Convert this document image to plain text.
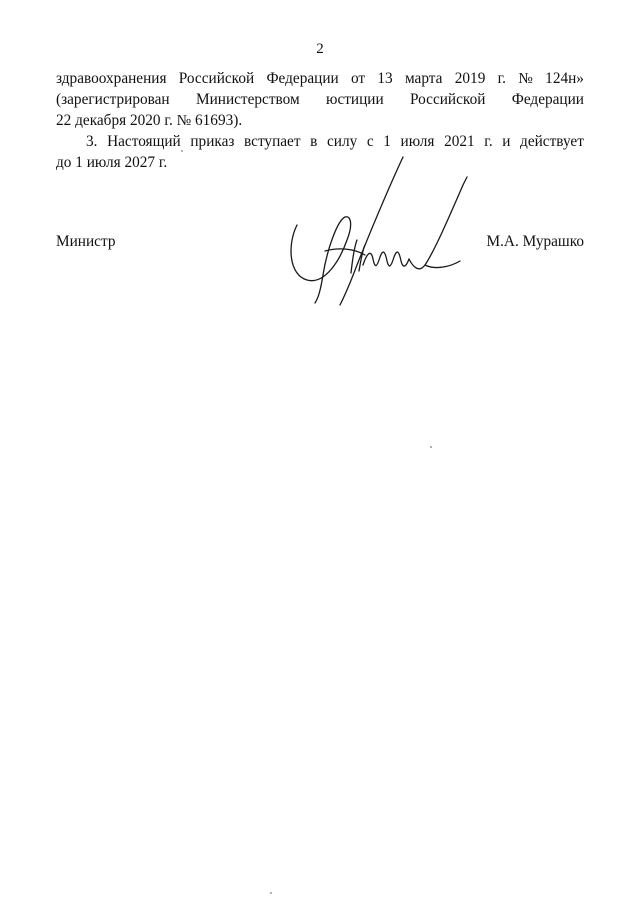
2
здравоохранения Российской Федерации от 13 марта 2019 г. № 124н»
(зарегистрирован Министерством юстиции Российской Федерации
22 декабря 2020 г. № 61693).
3. Настоящий приказ вступает в силу с 1 июля 2021 г. и действует
до 1 июля 2027 г.
Министр	М.А. Мурашко
